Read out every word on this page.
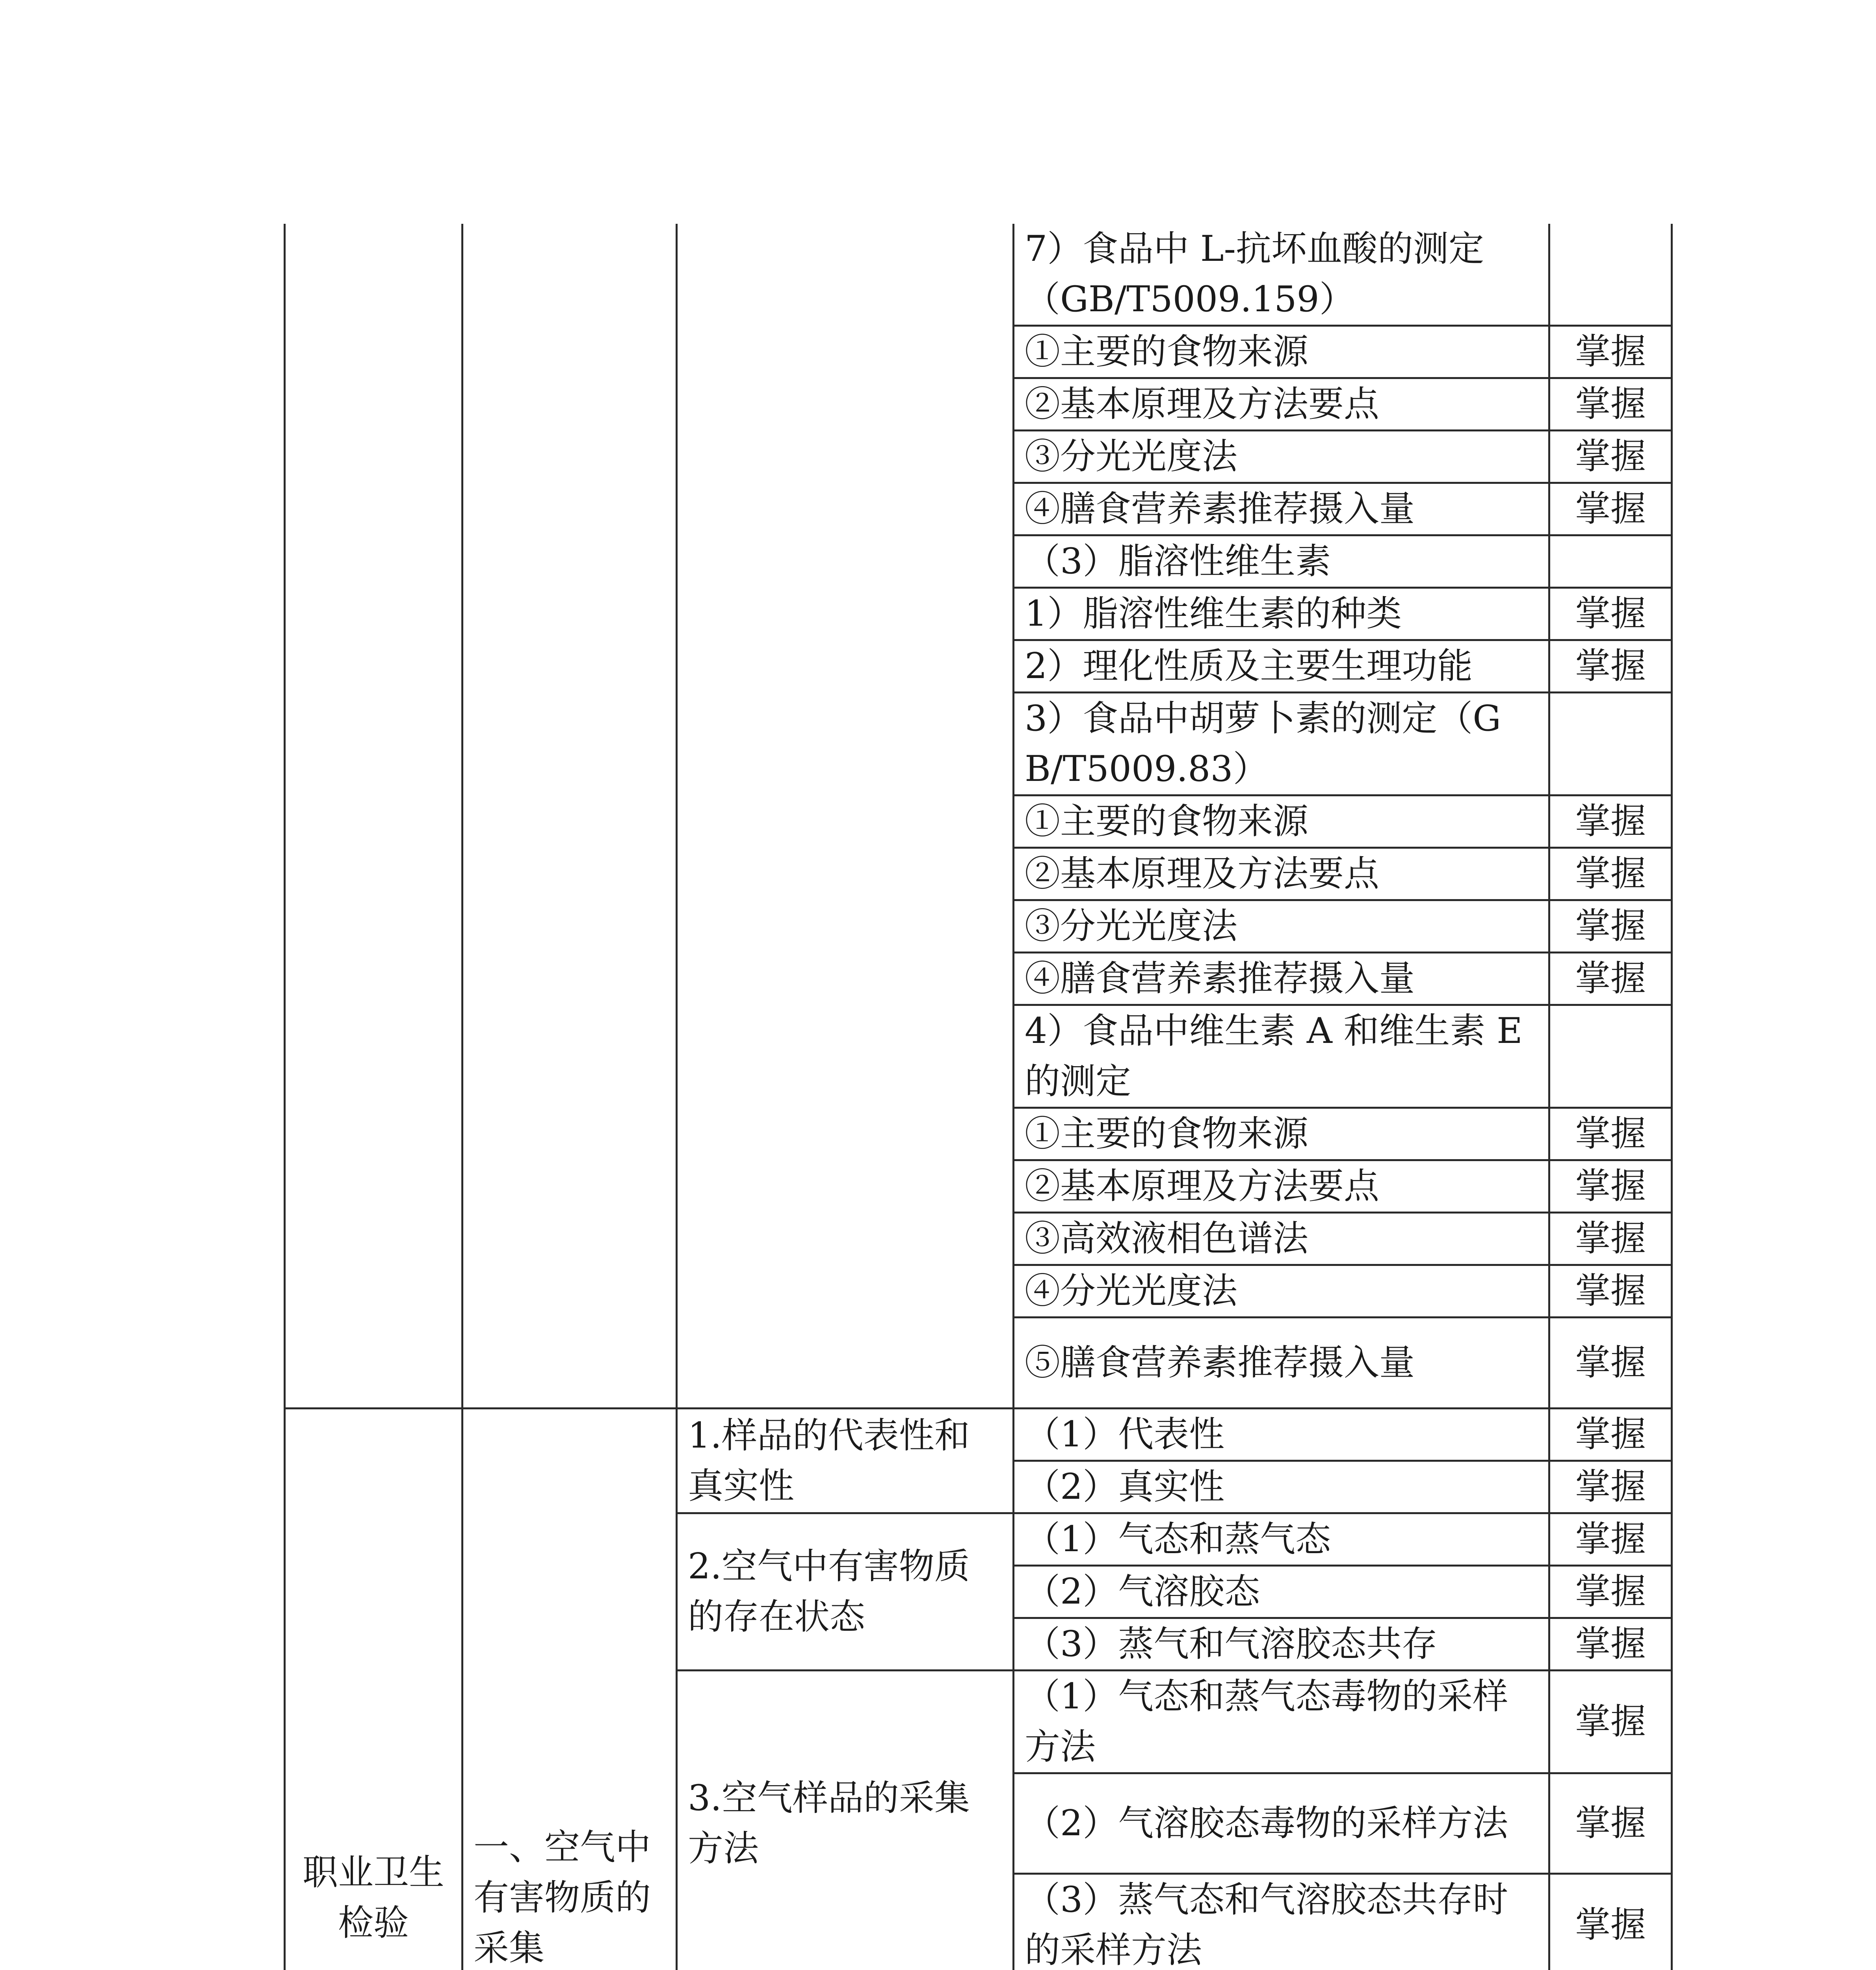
			7）食品中 L-抗坏血酸的测定（GB/T5009.159）	
			①主要的食物来源	掌握
			②基本原理及方法要点	掌握
			③分光光度法	掌握
			④膳食营养素推荐摄入量	掌握
			（3）脂溶性维生素	
			1）脂溶性维生素的种类	掌握
			2）理化性质及主要生理功能	掌握
			3）食品中胡萝卜素的测定（GB/T5009.83）	
			①主要的食物来源	掌握
			②基本原理及方法要点	掌握
			③分光光度法	掌握
			④膳食营养素推荐摄入量	掌握
			4）食品中维生素 A 和维生素 E 的测定	
			①主要的食物来源	掌握
			②基本原理及方法要点	掌握
			③高效液相色谱法	掌握
			④分光光度法	掌握
			⑤膳食营养素推荐摄入量	掌握
职业卫生检验	一、空气中有害物质的采集	1.样品的代表性和真实性	（1）代表性	掌握
			（2）真实性	掌握
		2.空气中有害物质的存在状态	（1）气态和蒸气态	掌握
			（2）气溶胶态	掌握
			（3）蒸气和气溶胶态共存	掌握
		3.空气样品的采集方法	（1）气态和蒸气态毒物的采样方法	掌握
			（2）气溶胶态毒物的采样方法	掌握
			（3）蒸气态和气溶胶态共存时的采样方法	掌握
